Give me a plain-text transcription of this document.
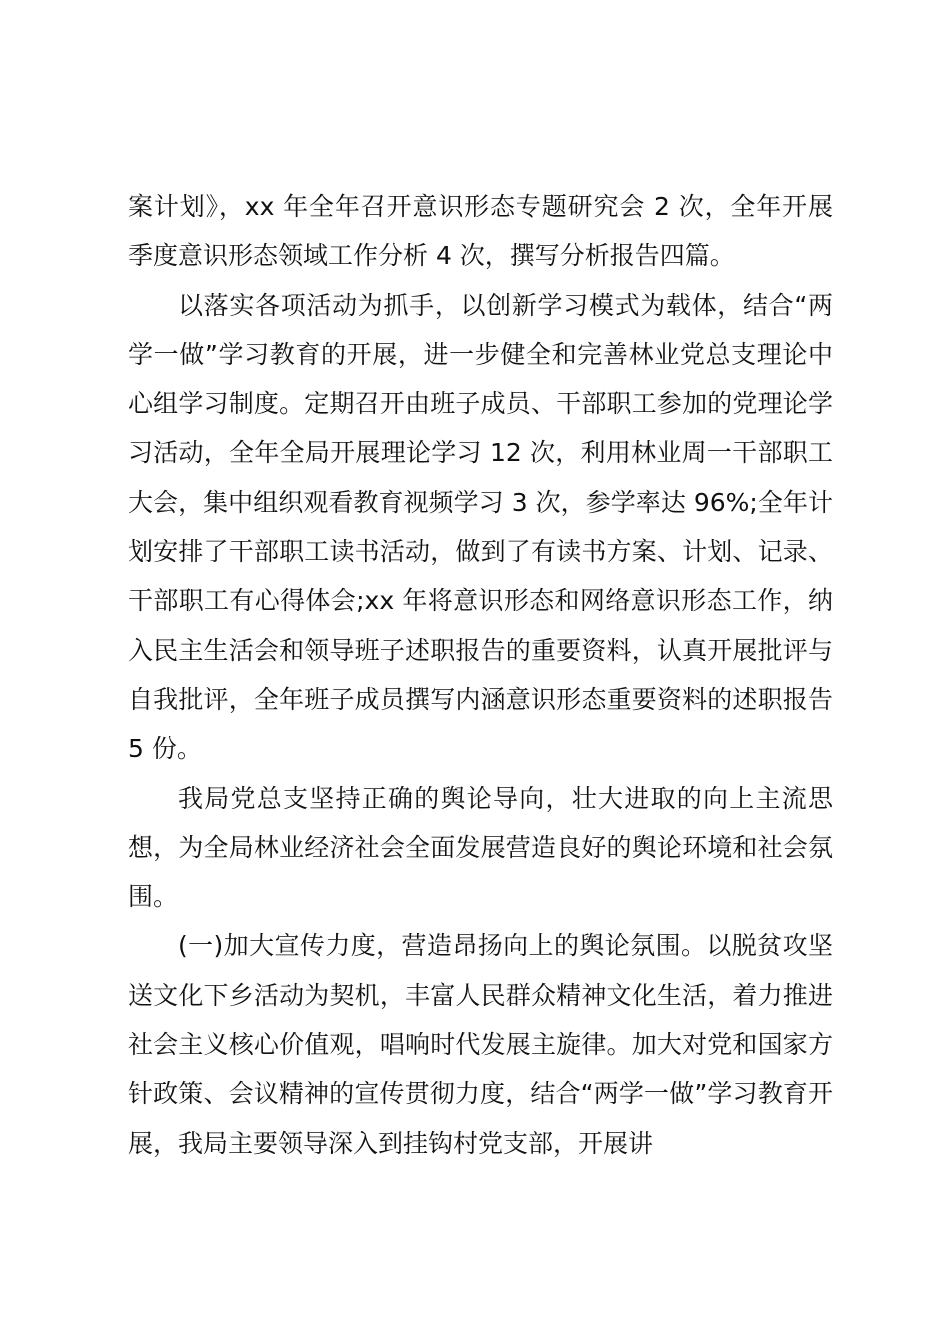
案计划》，xx 年全年召开意识形态专题研究会 2 次，全年开展季度意识形态领域工作分析 4 次，撰写分析报告四篇。

以落实各项活动为抓手，以创新学习模式为载体，结合“两学一做”学习教育的开展，进一步健全和完善林业党总支理论中心组学习制度。定期召开由班子成员、干部职工参加的党理论学习活动，全年全局开展理论学习 12 次，利用林业周一干部职工大会，集中组织观看教育视频学习 3 次，参学率达 96%;全年计划安排了干部职工读书活动，做到了有读书方案、计划、记录、干部职工有心得体会;xx 年将意识形态和网络意识形态工作，纳入民主生活会和领导班子述职报告的重要资料，认真开展批评与自我批评，全年班子成员撰写内涵意识形态重要资料的述职报告 5 份。

我局党总支坚持正确的舆论导向，壮大进取的向上主流思想，为全局林业经济社会全面发展营造良好的舆论环境和社会氛围。

(一)加大宣传力度，营造昂扬向上的舆论氛围。以脱贫攻坚送文化下乡活动为契机，丰富人民群众精神文化生活，着力推进社会主义核心价值观，唱响时代发展主旋律。加大对党和国家方针政策、会议精神的宣传贯彻力度，结合“两学一做”学习教育开展，我局主要领导深入到挂钩村党支部，开展讲
